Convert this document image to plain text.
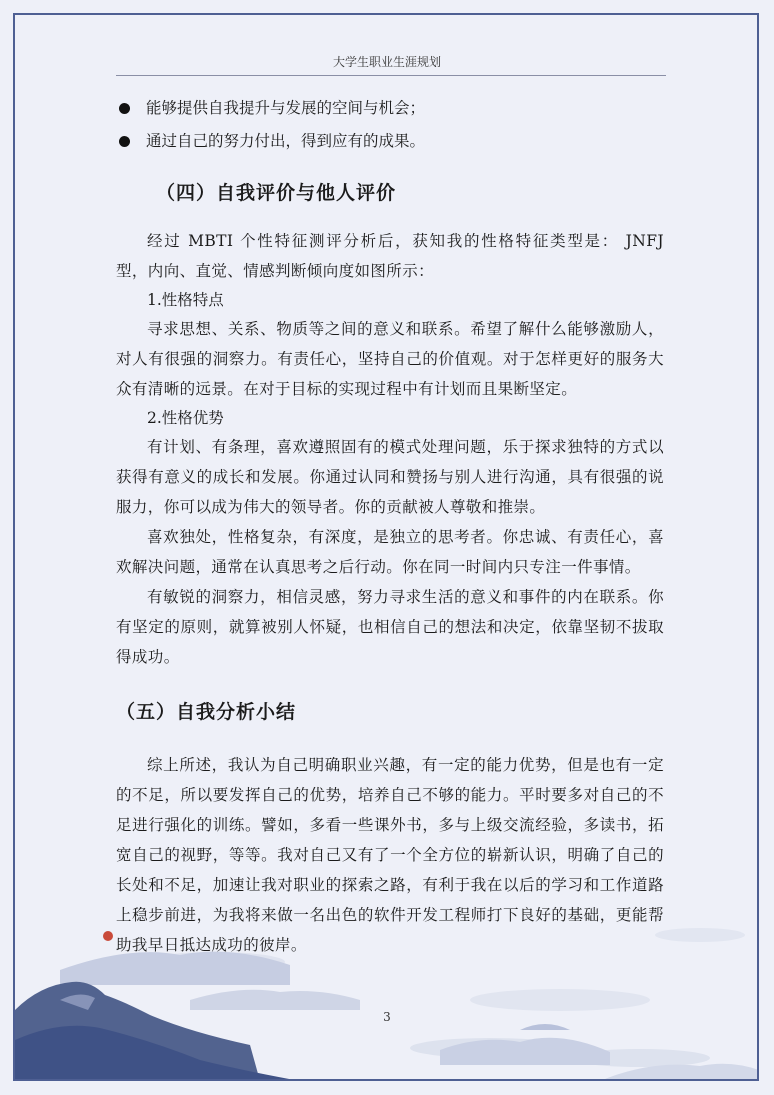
大学生职业生涯规划
能够提供自我提升与发展的空间与机会；
通过自己的努力付出，得到应有的成果。
（四）自我评价与他人评价

经过 MBTI 个性特征测评分析后，获知我的性格特征类型是： JNFJ 型，内向、直觉、情感判断倾向度如图所示：

1.性格特点

寻求思想、关系、物质等之间的意义和联系。希望了解什么能够激励人，对人有很强的洞察力。有责任心，坚持自己的价值观。对于怎样更好的服务大众有清晰的远景。在对于目标的实现过程中有计划而且果断坚定。

2.性格优势

有计划、有条理，喜欢遵照固有的模式处理问题，乐于探求独特的方式以获得有意义的成长和发展。你通过认同和赞扬与别人进行沟通，具有很强的说服力，你可以成为伟大的领导者。你的贡献被人尊敬和推崇。

喜欢独处，性格复杂，有深度，是独立的思考者。你忠诚、有责任心，喜欢解决问题，通常在认真思考之后行动。你在同一时间内只专注一件事情。

有敏锐的洞察力，相信灵感，努力寻求生活的意义和事件的内在联系。你有坚定的原则，就算被别人怀疑，也相信自己的想法和决定，依靠坚韧不拔取得成功。

（五）自我分析小结

综上所述，我认为自己明确职业兴趣，有一定的能力优势，但是也有一定的不足，所以要发挥自己的优势，培养自己不够的能力。平时要多对自己的不足进行强化的训练。譬如，多看一些课外书，多与上级交流经验，多读书，拓宽自己的视野，等等。我对自己又有了一个全方位的崭新认识，明确了自己的长处和不足，加速让我对职业的探索之路，有利于我在以后的学习和工作道路上稳步前进，为我将来做一名出色的软件开发工程师打下良好的基础，更能帮助我早日抵达成功的彼岸。

3
